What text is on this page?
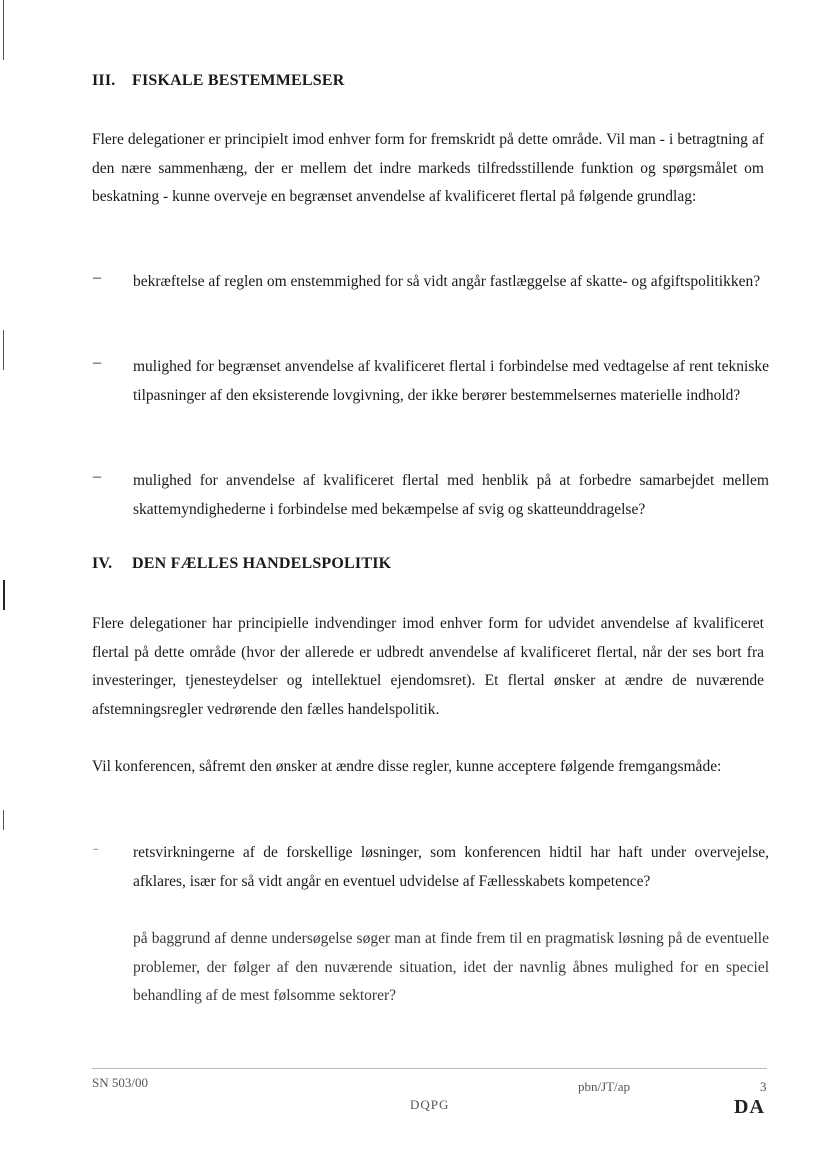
III. FISKALE BESTEMMELSER

Flere delegationer er principielt imod enhver form for fremskridt på dette område. Vil man - i betragtning af den nære sammenhæng, der er mellem det indre markeds tilfredsstillende funktion og spørgsmålet om beskatning - kunne overveje en begrænset anvendelse af kvalificeret flertal på følgende grundlag:

– bekræftelse af reglen om enstemmighed for så vidt angår fastlæggelse af skatte- og afgiftspolitikken?

– mulighed for begrænset anvendelse af kvalificeret flertal i forbindelse med vedtagelse af rent tekniske tilpasninger af den eksisterende lovgivning, der ikke berører bestemmelsernes materielle indhold?

– mulighed for anvendelse af kvalificeret flertal med henblik på at forbedre samarbejdet mellem skattemyndighederne i forbindelse med bekæmpelse af svig og skatteunddragelse?

IV. DEN FÆLLES HANDELSPOLITIK

Flere delegationer har principielle indvendinger imod enhver form for udvidet anvendelse af kvalificeret flertal på dette område (hvor der allerede er udbredt anvendelse af kvalificeret flertal, når der ses bort fra investeringer, tjenesteydelser og intellektuel ejendomsret). Et flertal ønsker at ændre de nuværende afstemningsregler vedrørende den fælles handelspolitik.

Vil konferencen, såfremt den ønsker at ændre disse regler, kunne acceptere følgende fremgangsmåde:

- retsvirkningerne af de forskellige løsninger, som konferencen hidtil har haft under overvejelse, afklares, især for så vidt angår en eventuel udvidelse af Fællesskabets kompetence?

på baggrund af denne undersøgelse søger man at finde frem til en pragmatisk løsning på de eventuelle problemer, der følger af den nuværende situation, idet der navnlig åbnes mulighed for en speciel behandling af de mest følsomme sektorer?

SN 503/00	pbn/JT/ap	3
DQPG	DA
